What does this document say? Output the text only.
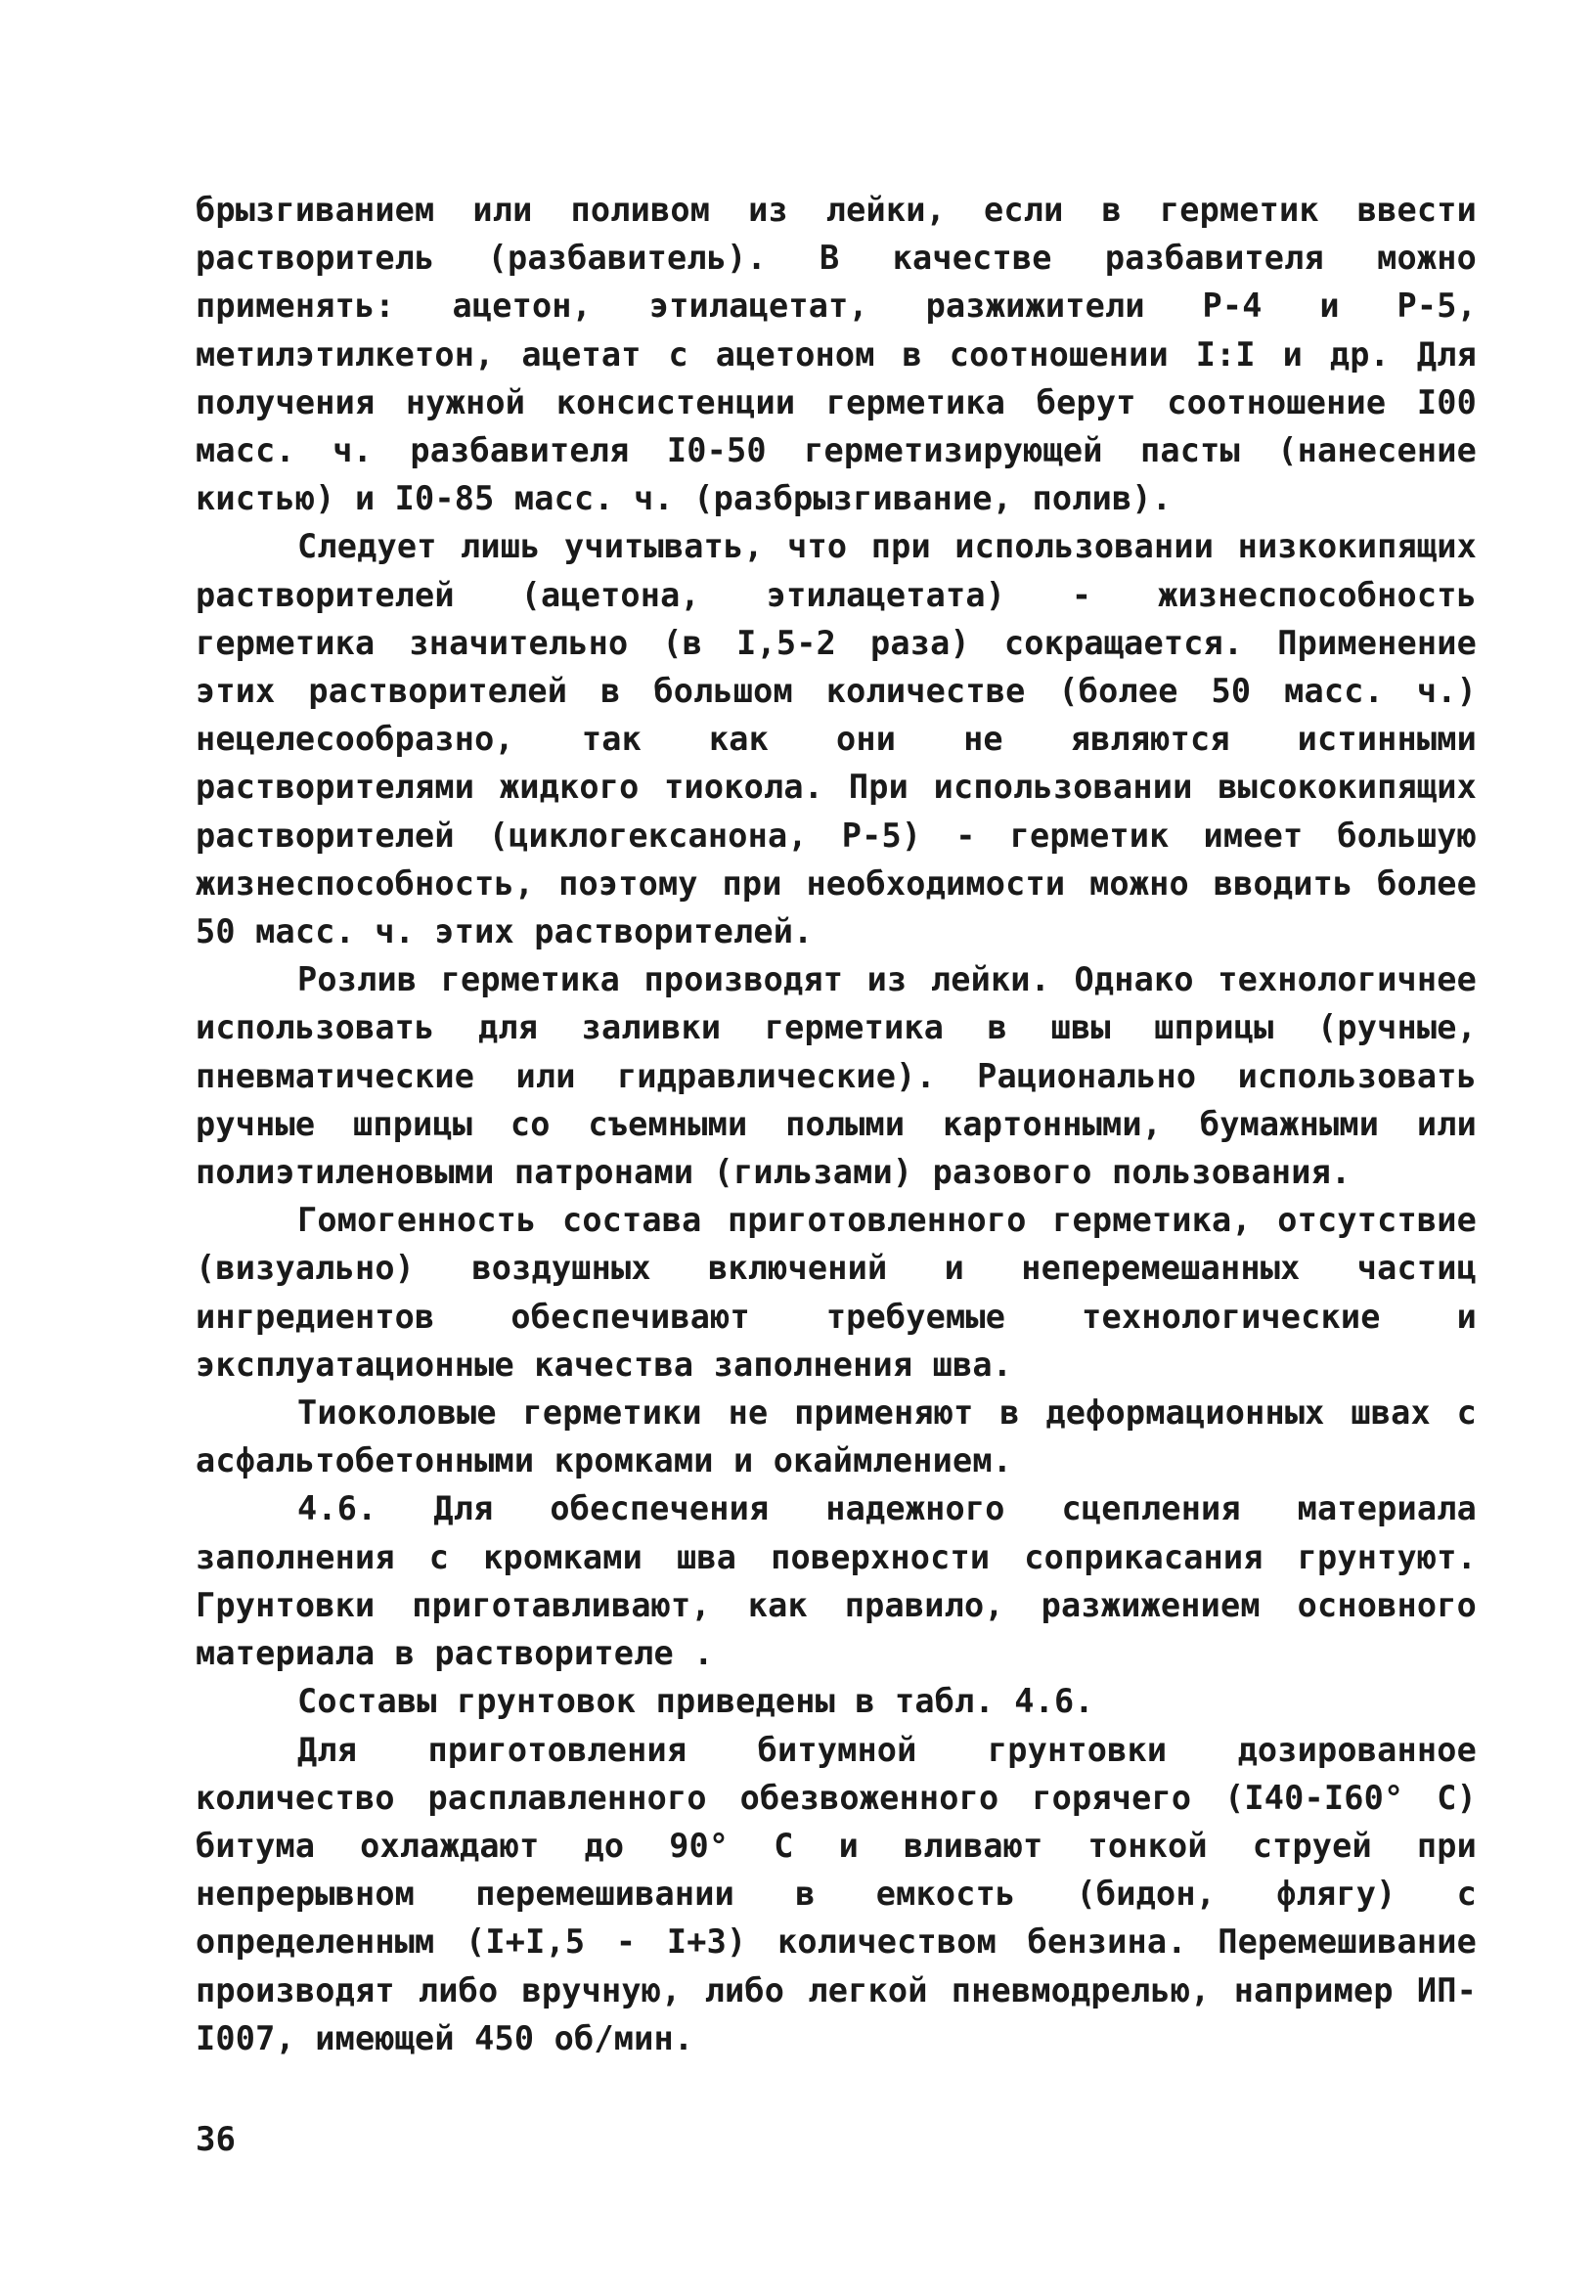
брызгиванием или поливом из лейки, если в герметик ввести растворитель (разбавитель). В качестве разбавителя можно применять: ацетон, этилацетат, разжижители Р-4 и Р-5, метилэтилкетон, ацетат с ацетоном в соотношении I:I и др. Для получения нужной консистенции герметика берут соотношение I00 масс. ч. разбавителя I0-50 герметизирующей пасты (нанесение кистью) и I0-85 масс. ч. (разбрызгивание, полив).

Следует лишь учитывать, что при использовании низкокипящих растворителей (ацетона, этилацетата) - жизнеспособность герметика значительно (в I,5-2 раза) сокращается. Применение этих растворителей в большом количестве (более 50 масс. ч.) нецелесообразно, так как они не являются истинными растворителями жидкого тиокола. При использовании высококипящих растворителей (циклогексанона, Р-5) - герметик имеет большую жизнеспособность, поэтому при необходимости можно вводить более 50 масс. ч. этих растворителей.

Розлив герметика производят из лейки. Однако технологичнее использовать для заливки герметика в швы шприцы (ручные, пневматические или гидравлические). Рационально использовать ручные шприцы со съемными полыми картонными, бумажными или полиэтиленовыми патронами (гильзами) разового пользования.

Гомогенность состава приготовленного герметика, отсутствие (визуально) воздушных включений и неперемешанных частиц ингредиентов обеспечивают требуемые технологические и эксплуатационные качества заполнения шва.

Тиоколовые герметики не применяют в деформационных швах с асфальтобетонными кромками и окаймлением.

4.6. Для обеспечения надежного сцепления материала заполнения с кромками шва поверхности соприкасания грунтуют. Грунтовки приготавливают, как правило, разжижением основного материала в растворителе .

Составы грунтовок приведены в табл. 4.6.

Для приготовления битумной грунтовки дозированное количество расплавленного обезвоженного горячего (I40-I60° С) битума охлаждают до 90° С и вливают тонкой струей при непрерывном перемешивании в емкость (бидон, флягу) с определенным (I+I,5 - I+3) количеством бензина. Перемешивание производят либо вручную, либо легкой пневмодрелью, например ИП-I007, имеющей 450 об/мин.

36
